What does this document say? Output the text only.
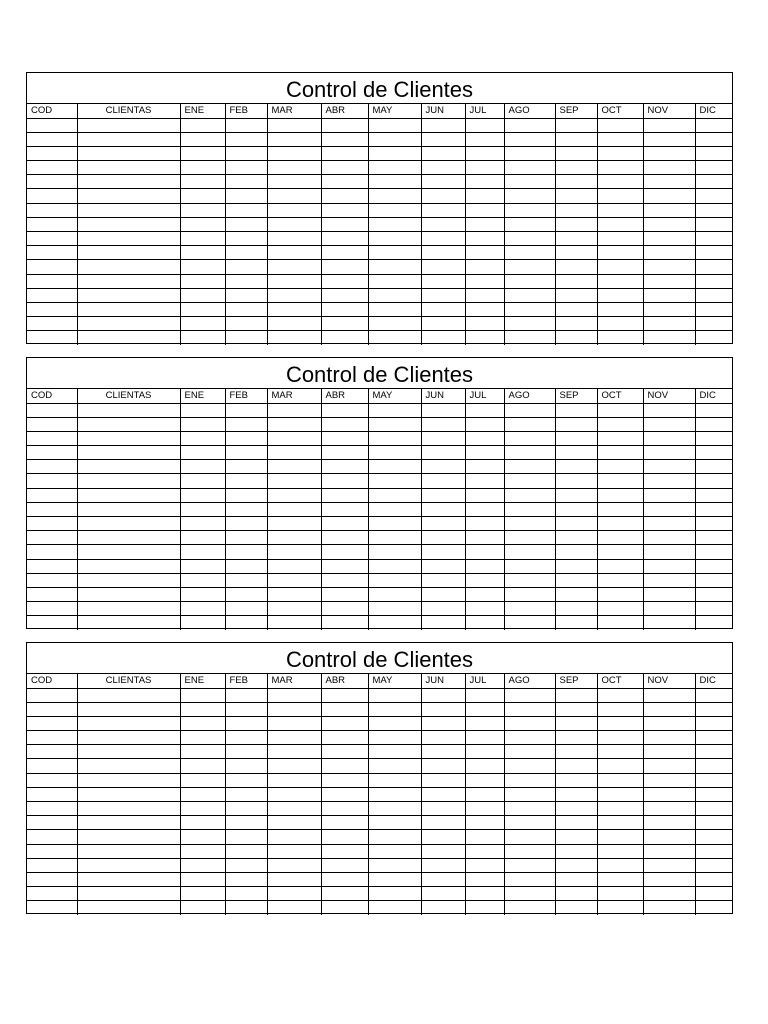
Control de Clientes
COD	CLIENTAS	ENE	FEB	MAR	ABR	MAY	JUN	JUL	AGO	SEP	OCT	NOV	DIC

Control de Clientes
COD	CLIENTAS	ENE	FEB	MAR	ABR	MAY	JUN	JUL	AGO	SEP	OCT	NOV	DIC

Control de Clientes
COD	CLIENTAS	ENE	FEB	MAR	ABR	MAY	JUN	JUL	AGO	SEP	OCT	NOV	DIC
